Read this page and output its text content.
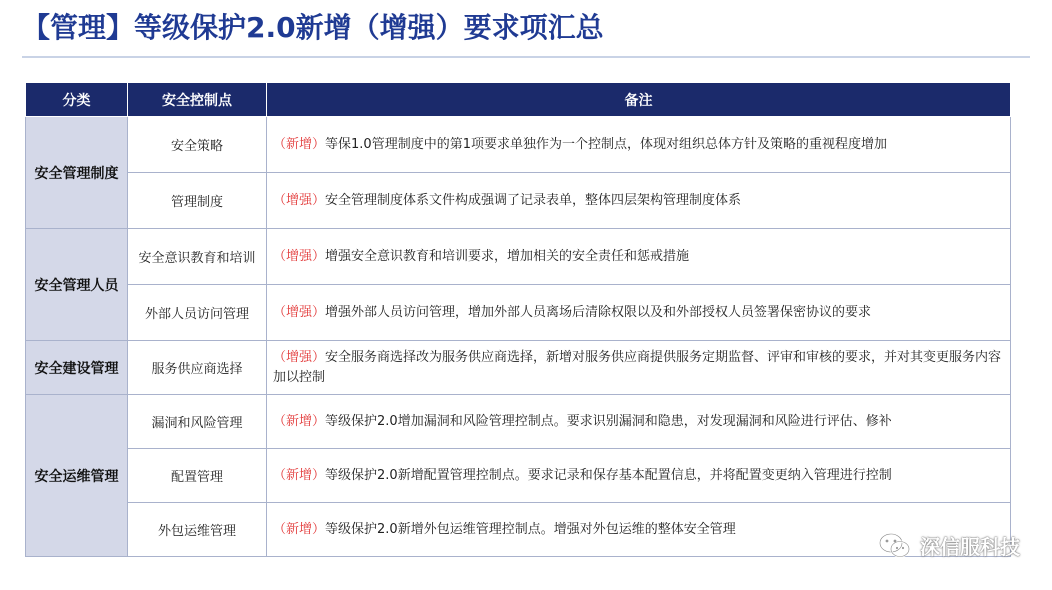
【管理】等级保护2.0新增（增强）要求项汇总
分类	安全控制点	备注
安全管理制度	安全策略	（新增）等保1.0管理制度中的第1项要求单独作为一个控制点，体现对组织总体方针及策略的重视程度增加
	管理制度	（增强）安全管理制度体系文件构成强调了记录表单，整体四层架构管理制度体系
安全管理人员	安全意识教育和培训	（增强）增强安全意识教育和培训要求，增加相关的安全责任和惩戒措施
	外部人员访问管理	（增强）增强外部人员访问管理，增加外部人员离场后清除权限以及和外部授权人员签署保密协议的要求
安全建设管理	服务供应商选择	（增强）安全服务商选择改为服务供应商选择，新增对服务供应商提供服务定期监督、评审和审核的要求，并对其变更服务内容加以控制
安全运维管理	漏洞和风险管理	（新增）等级保护2.0增加漏洞和风险管理控制点。要求识别漏洞和隐患，对发现漏洞和风险进行评估、修补
	配置管理	（新增）等级保护2.0新增配置管理控制点。要求记录和保存基本配置信息，并将配置变更纳入管理进行控制
	外包运维管理	（新增）等级保护2.0新增外包运维管理控制点。增强对外包运维的整体安全管理
深信服科技
